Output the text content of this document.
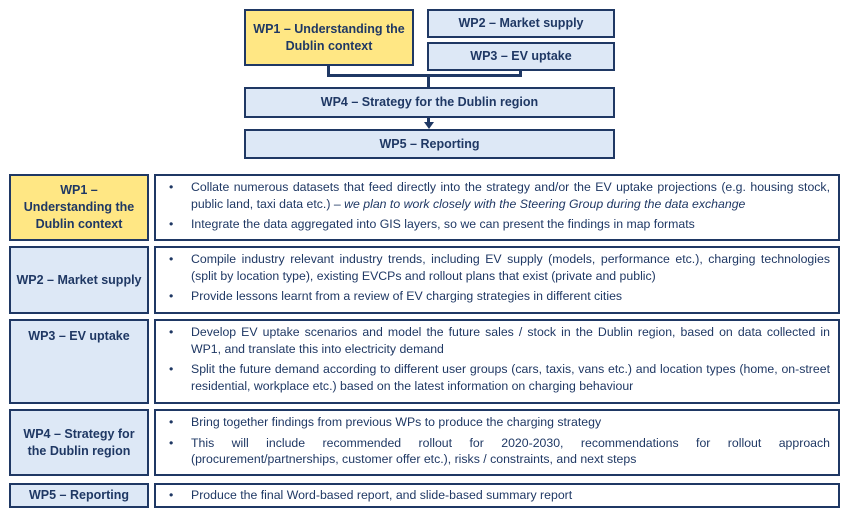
WP1 – Understanding the Dublin context
WP2 – Market supply
WP3 – EV uptake
WP4 – Strategy for the Dublin region
WP5 – Reporting
WP1 – Understanding the Dublin context
• Collate numerous datasets that feed directly into the strategy and/or the EV uptake projections (e.g. housing stock, public land, taxi data etc.) – we plan to work closely with the Steering Group during the data exchange
• Integrate the data aggregated into GIS layers, so we can present the findings in map formats
WP2 – Market supply
• Compile industry relevant industry trends, including EV supply (models, performance etc.), charging technologies (split by location type), existing EVCPs and rollout plans that exist (private and public)
• Provide lessons learnt from a review of EV charging strategies in different cities
WP3 – EV uptake	• Develop EV uptake scenarios and model the future sales / stock in the Dublin region, based on data collected in WP1, and translate this into electricity demand
• Split the future demand according to different user groups (cars, taxis, vans etc.) and location types (home, on-street residential, workplace etc.) based on the latest information on charging behaviour
WP4 – Strategy for the Dublin region
• Bring together findings from previous WPs to produce the charging strategy
• This will include recommended rollout for 2020-2030, recommendations for rollout approach (procurement/partnerships, customer offer etc.), risks / constraints, and next steps
WP5 – Reporting	• Produce the final Word-based report, and slide-based summary report
